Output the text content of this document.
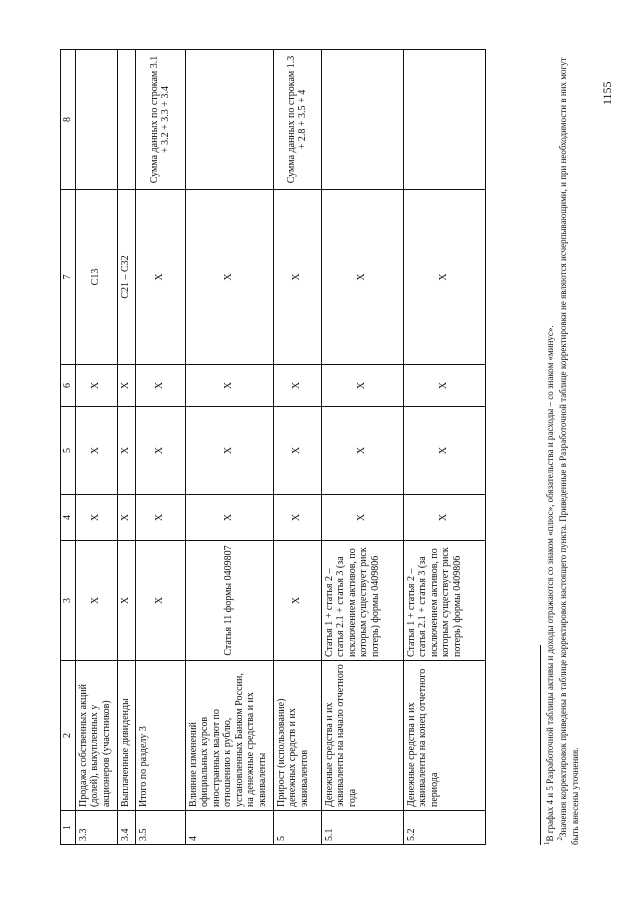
1	2	3	4	5	6	7	8
3.3	Продажа собственных акций (долей), выкупленных у акционеров (участников)	X	X	X	X	С13	
3.4	Выплаченные дивиденды	X	X	X	X	С21 – С32	
3.5	Итого по разделу 3	X	X	X	X	X	Сумма данных по строкам 3.1 + 3.2 + 3.3 + 3.4
4	Влияние изменений официальных курсов иностранных валют по отношению к рублю, установленных Банком России, на денежные средства и их эквиваленты	Статья 11 формы 0409807	X	X	X	X	
5	Прирост (использование) денежных средств и их эквивалентов	X	X	X	X	X	Сумма данных по строкам 1.3 + 2.8 + 3.5 + 4
5.1	Денежные средства и их эквиваленты на начало отчетного года	Статья 1 + статья 2 – статья 2.1 + статья 3 (за исключением активов, по которым существует риск потерь) формы 0409806	X	X	X	X	
5.2	Денежные средства и их эквиваленты на конец отчетного периода	Статья 1 + статья 2 – статья 2.1 + статья 3 (за исключением активов, по которым существует риск потерь) формы 0409806	X	X	X	X	

$^1$В графах 4 и 5 Разработочной таблицы активы и доходы отражаются со знаком «плюс», обязательства и расходы – со знаком «минус». $^2$Значения корректировок приведены в таблице корректировок настоящего пункта. Приведенные в Разработочной таблице корректировки не являются исчерпывающими, и при необходимости в них могут быть внесены уточнения.

1155
